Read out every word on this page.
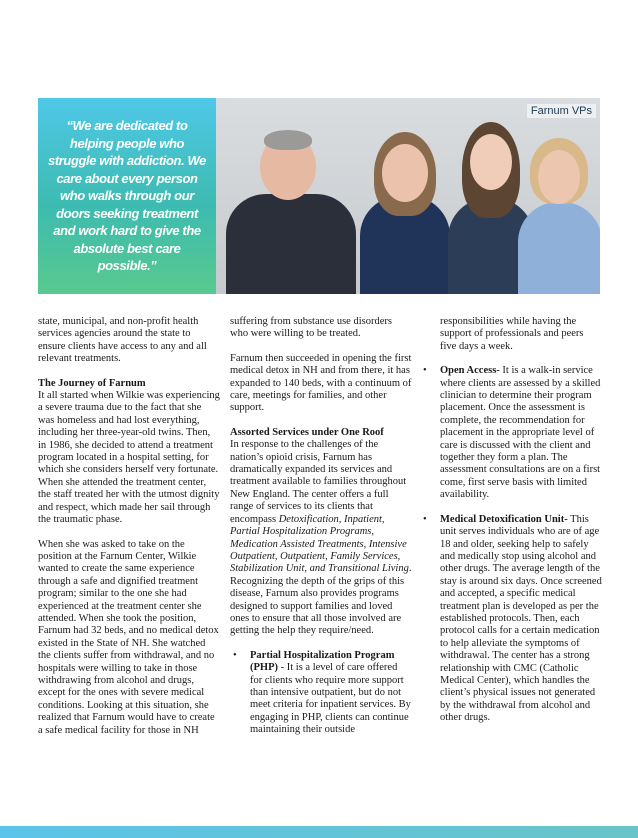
“We are dedicated to helping people who struggle with addiction. We care about every person who walks through our doors seeking treatment and work hard to give the absolute best care possible.”
Farnum VPs

state, municipal, and non-profit health services agencies around the state to ensure clients have access to any and all relevant treatments.

The Journey of Farnum
It all started when Wilkie was experiencing a severe trauma due to the fact that she was homeless and had lost everything, including her three-year-old twins. Then, in 1986, she decided to attend a treatment program located in a hospital setting, for which she considers herself very fortunate. When she attended the treatment center, the staff treated her with the utmost dignity and respect, which made her sail through the traumatic phase.

When she was asked to take on the position at the Farnum Center, Wilkie wanted to create the same experience through a safe and dignified treatment program; similar to the one she had experienced at the treatment center she attended. When she took the position, Farnum had 32 beds, and no medical detox existed in the State of NH. She watched the clients suffer from withdrawal, and no hospitals were willing to take in those withdrawing from alcohol and drugs, except for the ones with severe medical conditions. Looking at this situation, she realized that Farnum would have to create a safe medical facility for those in NH

suffering from substance use disorders who were willing to be treated.

Farnum then succeeded in opening the first medical detox in NH and from there, it has expanded to 140 beds, with a continuum of care, meetings for families, and other support.

Assorted Services under One Roof
In response to the challenges of the nation’s opioid crisis, Farnum has dramatically expanded its services and treatment available to families throughout New England. The center offers a full range of services to its clients that encompass Detoxification, Inpatient, Partial Hospitalization Programs, Medication Assisted Treatments, Intensive Outpatient, Outpatient, Family Services, Stabilization Unit, and Transitional Living. Recognizing the depth of the grips of this disease, Farnum also provides programs designed to support families and loved ones to ensure that all those involved are getting the help they require/need.

• Partial Hospitalization Program (PHP) - It is a level of care offered for clients who require more support than intensive outpatient, but do not meet criteria for inpatient services. By engaging in PHP, clients can continue maintaining their outside

responsibilities while having the support of professionals and peers five days a week.

• Open Access- It is a walk-in service where clients are assessed by a skilled clinician to determine their program placement. Once the assessment is complete, the recommendation for placement in the appropriate level of care is discussed with the client and together they form a plan. The assessment consultations are on a first come, first serve basis with limited availability.
• Medical Detoxification Unit- This unit serves individuals who are of age 18 and older, seeking help to safely and medically stop using alcohol and other drugs. The average length of the stay is around six days. Once screened and accepted, a specific medical treatment plan is developed as per the established protocols. Then, each protocol calls for a certain medication to help alleviate the symptoms of withdrawal. The center has a strong relationship with CMC (Catholic Medical Center), which handles the client’s physical issues not generated by the withdrawal from alcohol and other drugs.
